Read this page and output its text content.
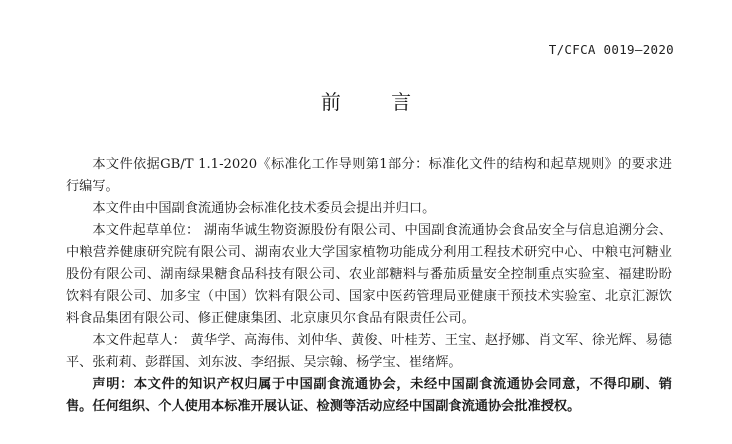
T/CFCA 0019—2020
前 言

本文件依据GB/T 1.1-2020《标准化工作导则第1部分：标准化文件的结构和起草规则》的要求进行编写。

本文件由中国副食流通协会标准化技术委员会提出并归口。

本文件起草单位： 湖南华诚生物资源股份有限公司、中国副食流通协会食品安全与信息追溯分会、中粮营养健康研究院有限公司、湖南农业大学国家植物功能成分利用工程技术研究中心、中粮屯河糖业股份有限公司、湖南绿果糖食品科技有限公司、农业部糖料与番茄质量安全控制重点实验室、福建盼盼饮料有限公司、加多宝（中国）饮料有限公司、国家中医药管理局亚健康干预技术实验室、北京汇源饮料食品集团有限公司、修正健康集团、北京康贝尔食品有限责任公司。

本文件起草人： 黄华学、高海伟、刘仲华、黄俊、叶桂芳、王宝、赵抒娜、肖文军、徐光辉、易德平、张莉莉、彭群国、刘东波、李绍振、吴宗翰、杨学宝、崔绪辉。

声明：本文件的知识产权归属于中国副食流通协会，未经中国副食流通协会同意，不得印刷、销售。任何组织、个人使用本标准开展认证、检测等活动应经中国副食流通协会批准授权。
